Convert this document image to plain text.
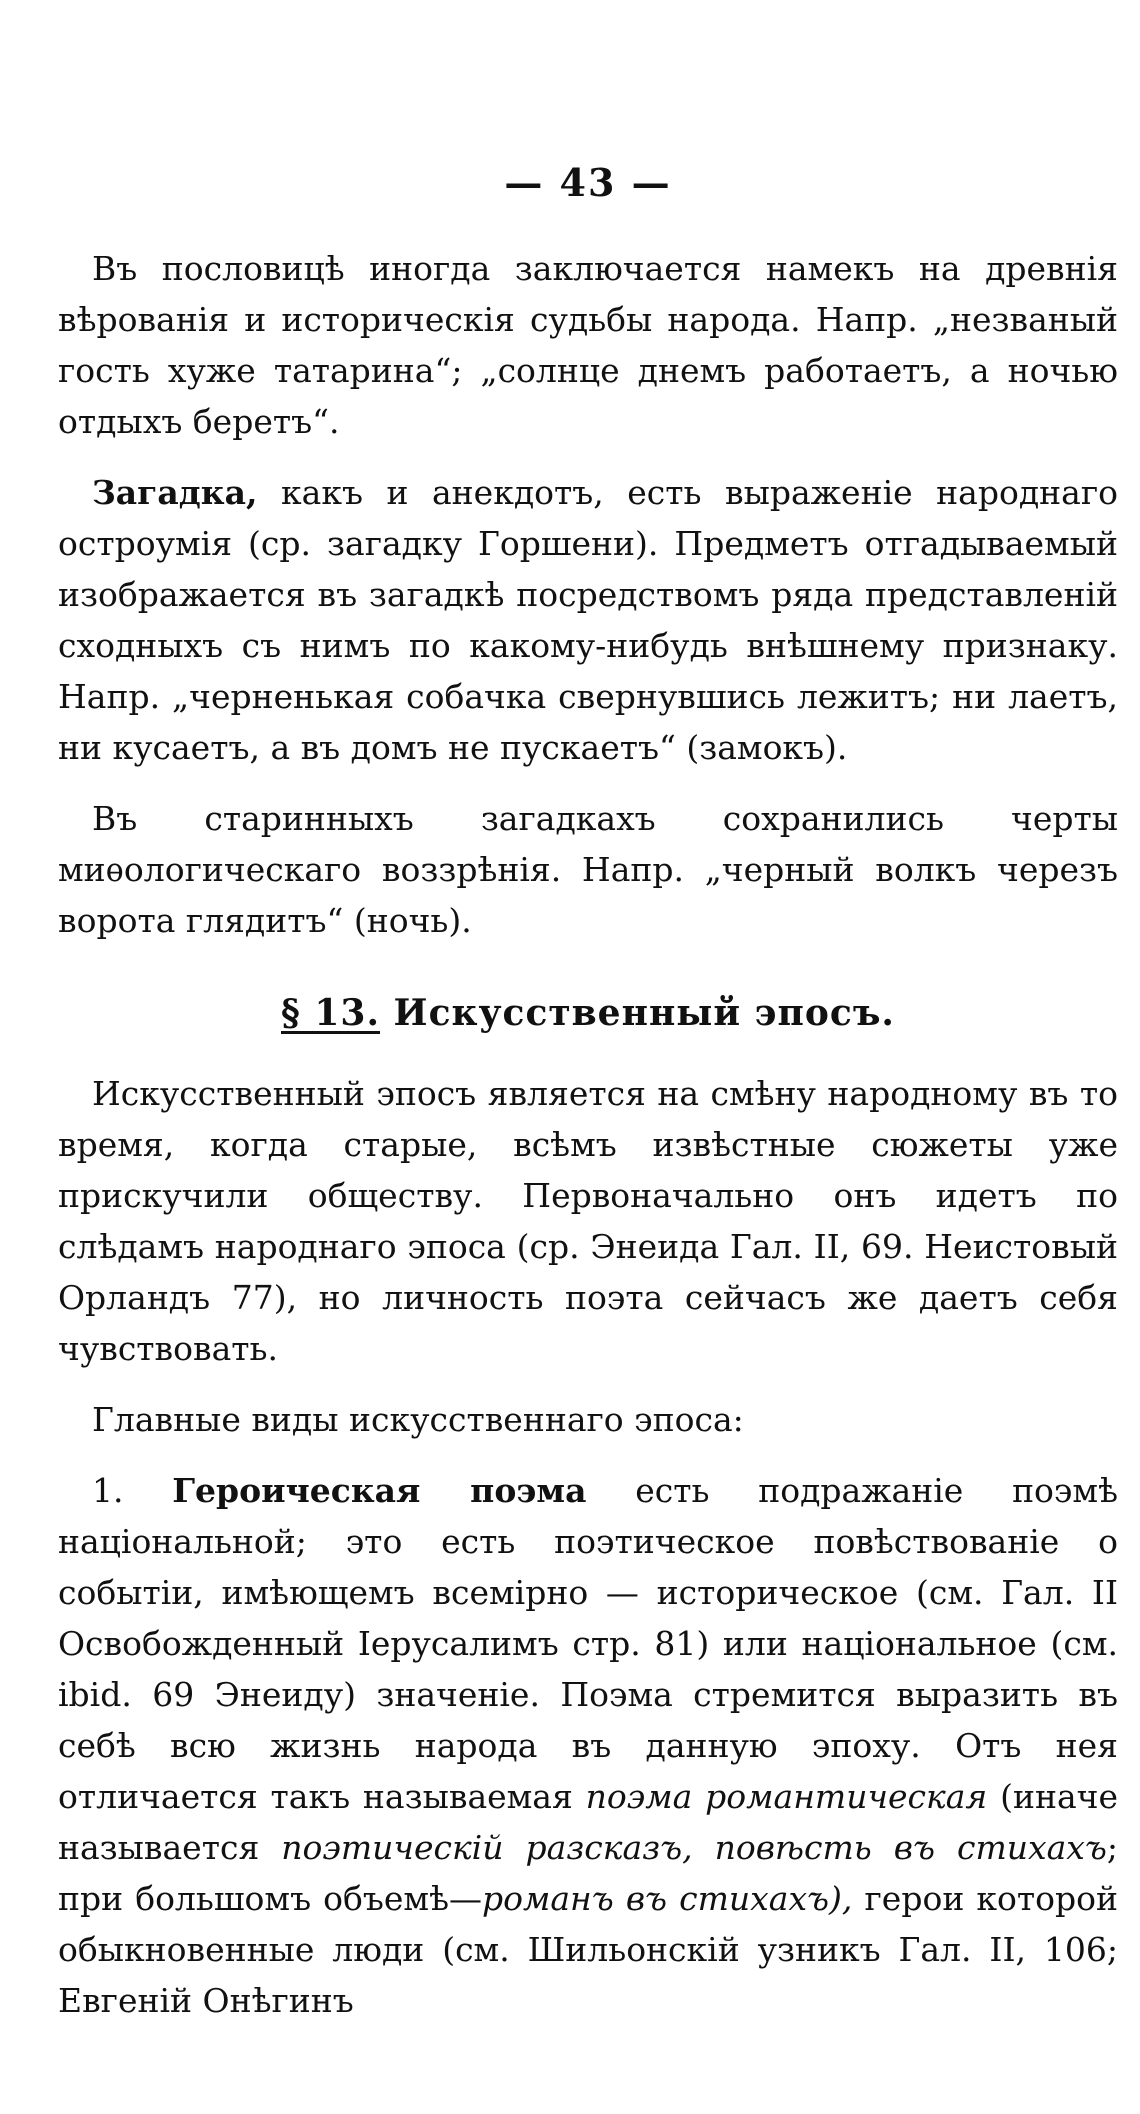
— 43 —

Въ пословицѣ иногда заключается намекъ на древнія вѣрованія и историческія судьбы народа. Напр. „незваный гость хуже татарина“; „солнце днемъ работаетъ, а ночью отдыхъ беретъ“.

Загадка, какъ и анекдотъ, есть выраженіе народнаго остроумія (ср. загадку Горшени). Предметъ отгадываемый изображается въ загадкѣ посредствомъ ряда представленій сходныхъ съ нимъ по какому-нибудь внѣшнему признаку. Напр. „черненькая собачка свернувшись лежитъ; ни лаетъ, ни кусаетъ, а въ домъ не пускаетъ“ (замокъ).

Въ старинныхъ загадкахъ сохранились черты миѳологическаго воззрѣнія. Напр. „черный волкъ черезъ ворота глядитъ“ (ночь).

§ 13. Искусственный эпосъ.

Искусственный эпосъ является на смѣну народному въ то время, когда старые, всѣмъ извѣстные сюжеты уже прискучили обществу. Первоначально онъ идетъ по слѣдамъ народнаго эпоса (ср. Энеида Гал. II, 69. Неистовый Орландъ 77), но личность поэта сейчасъ же даетъ себя чувствовать.

Главные виды искусственнаго эпоса:

1. Героическая поэма есть подражаніе поэмѣ національной; это есть поэтическое повѣствованіе о событіи, имѣющемъ всемірно — историческое (см. Гал. II Освобожденный Іерусалимъ стр. 81) или національное (см. ibid. 69 Энеиду) значеніе. Поэма стремится выразить въ себѣ всю жизнь народа въ данную эпоху. Отъ нея отличается такъ называемая поэма романтическая (иначе называется поэтическій разсказъ, повѣсть въ стихахъ; при большомъ объемѣ—романъ въ стихахъ), герои которой обыкновенные люди (см. Шильонскій узникъ Гал. II, 106; Евгеній Онѣгинъ
